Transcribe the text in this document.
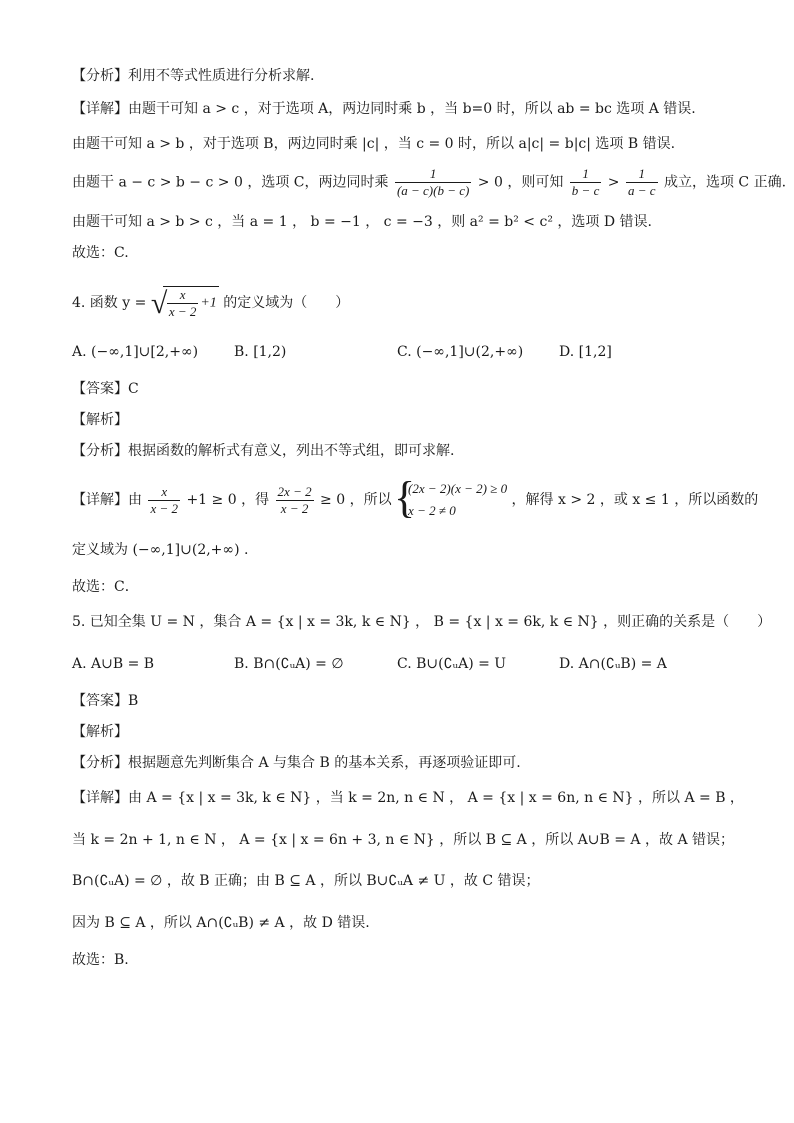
【分析】利用不等式性质进行分析求解.
【详解】由题干可知 a > c ，对于选项 A，两边同时乘 b ，当 b=0 时，所以 ab = bc 选项 A 错误.
由题干可知 a > b ，对于选项 B，两边同时乘 |c| ，当 c = 0 时，所以 a|c| = b|c| 选项 B 错误.
由题干 a − c > b − c > 0 ，选项 C，两边同时乘 $\frac{1}{(a - c)(b - c)} > 0$ ，则可知 $\frac{1}{b - c} > \frac{1}{a - c}$ 成立，选项 C 正确.
由题干可知 a > b > c ，当 a = 1 ， b = −1 ， c = −3 ，则 a² = b² < c² ，选项 D 错误.
故选：C.
4. 函数 y = √ $\frac{x}{x - 2} +1$ 的定义域为（　　）
A. (−∞,1]∪[2,+∞)	B. [1,2)	C. (−∞,1]∪(2,+∞)	D. [1,2]
【答案】C
【解析】
【分析】根据函数的解析式有意义，列出不等式组，即可求解.
【详解】由 $\frac{x}{x - 2} +1 \ge 0$ ，得 $\frac{2x - 2}{x - 2} \ge 0$ ，所以 {
(2x − 2)(x − 2) ≥ 0
x − 2 ≠ 0
，解得 x > 2 ，或 x ≤ 1 ，所以函数的
定义域为 (−∞,1]∪(2,+∞) .
故选：C．
5. 已知全集 U = N ，集合 A = {x | x = 3k, k ∈ N} ， B = {x | x = 6k, k ∈ N} ，则正确的关系是（　　）
A. A∪B = B	B. B∩(∁ᵤA) = ∅	C. B∪(∁ᵤA) = U	D. A∩(∁ᵤB) = A
【答案】B
【解析】
【分析】根据题意先判断集合 A 与集合 B 的基本关系，再逐项验证即可.
【详解】由 A = {x | x = 3k, k ∈ N} ，当 k = 2n, n ∈ N ， A = {x | x = 6n, n ∈ N} ，所以 A = B ，
当 k = 2n + 1, n ∈ N ， A = {x | x = 6n + 3, n ∈ N} ，所以 B ⊆ A ，所以 A∪B = A ，故 A 错误；
B∩(∁ᵤA) = ∅ ，故 B 正确；由 B ⊆ A ，所以 B∪∁ᵤA ≠ U ，故 C 错误；
因为 B ⊆ A ，所以 A∩(∁ᵤB) ≠ A ，故 D 错误.
故选：B.
